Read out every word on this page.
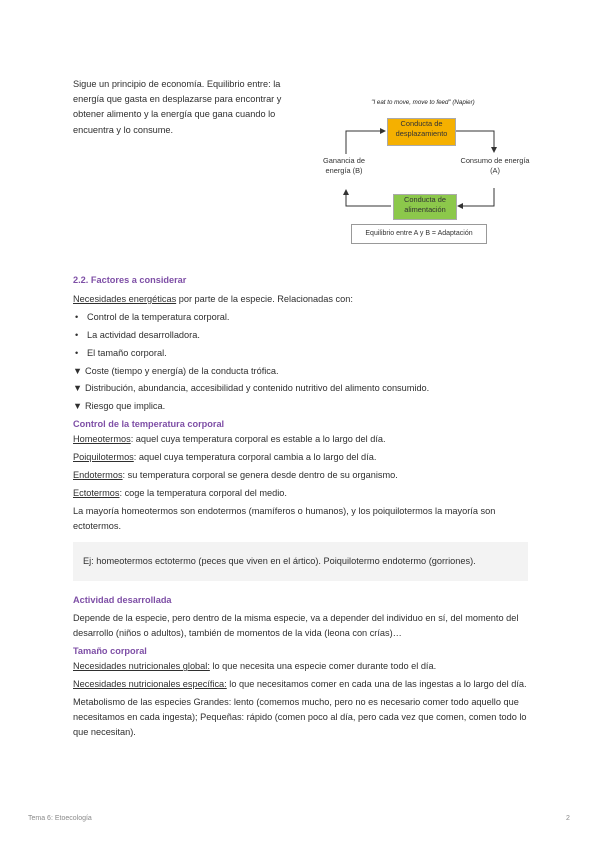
Sigue un principio de economía. Equilibrio entre: la energía que gasta en desplazarse para encontrar y obtener alimento y la energía que gana cuando lo encuentra y lo consume.
"I eat to move, move to feed" (Napier)
Conducta de desplazamiento
Consumo de energía (A)
Conducta de alimentación
Ganancia de energía (B)
Equilibrio entre A y B = Adaptación

2.2. Factores a considerar

Necesidades energéticas por parte de la especie. Relacionadas con:

• Control de la temperatura corporal.
• La actividad desarrolladora.
• El tamaño corporal.
▼ Coste (tiempo y energía) de la conducta trófica.
▼ Distribución, abundancia, accesibilidad y contenido nutritivo del alimento consumido.
▼ Riesgo que implica.

Control de la temperatura corporal

Homeotermos: aquel cuya temperatura corporal es estable a lo largo del día.

Poiquilotermos: aquel cuya temperatura corporal cambia a lo largo del día.

Endotermos: su temperatura corporal se genera desde dentro de su organismo.

Ectotermos: coge la temperatura corporal del medio.

La mayoría homeotermos son endotermos (mamíferos o humanos), y los poiquilotermos la mayoría son ectotermos.

Ej: homeotermos ectotermo (peces que viven en el ártico). Poiquilotermo endotermo (gorriones).

Actividad desarrollada

Depende de la especie, pero dentro de la misma especie, va a depender del individuo en sí, del momento del desarrollo (niños o adultos), también de momentos de la vida (leona con crías)…

Tamaño corporal

Necesidades nutricionales global: lo que necesita una especie comer durante todo el día.

Necesidades nutricionales específica: lo que necesitamos comer en cada una de las ingestas a lo largo del día.

Metabolismo de las especies Grandes: lento (comemos mucho, pero no es necesario comer todo aquello que necesitamos en cada ingesta); Pequeñas: rápido (comen poco al día, pero cada vez que comen, comen todo lo que necesitan).

Tema 6: Etoecología	2
